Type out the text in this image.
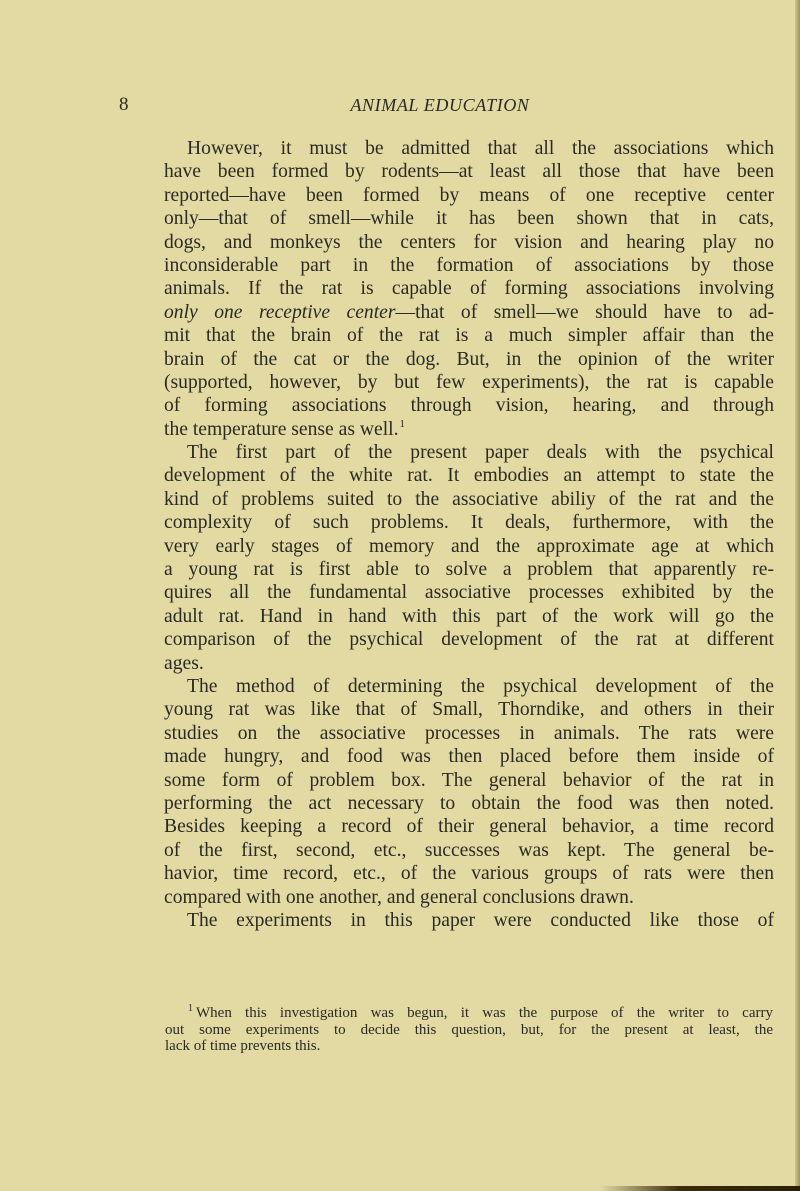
8	ANIMAL EDUCATION
However, it must be admitted that all the associations which
have been formed by rodents—at least all those that have been
reported—have been formed by means of one receptive center
only—that of smell—while it has been shown that in cats,
dogs, and monkeys the centers for vision and hearing play no
inconsiderable part in the formation of associations by those
animals. If the rat is capable of forming associations involving
only one receptive center—that of smell—we should have to ad-
mit that the brain of the rat is a much simpler affair than the
brain of the cat or the dog. But, in the opinion of the writer
(supported, however, by but few experiments), the rat is capable
of forming associations through vision, hearing, and through
the temperature sense as well.$^1$
The first part of the present paper deals with the psychical
development of the white rat. It embodies an attempt to state the
kind of problems suited to the associative abiliy of the rat and the
complexity of such problems. It deals, furthermore, with the
very early stages of memory and the approximate age at which
a young rat is first able to solve a problem that apparently re-
quires all the fundamental associative processes exhibited by the
adult rat. Hand in hand with this part of the work will go the
comparison of the psychical development of the rat at different
ages.
The method of determining the psychical development of the
young rat was like that of Small, Thorndike, and others in their
studies on the associative processes in animals. The rats were
made hungry, and food was then placed before them inside of
some form of problem box. The general behavior of the rat in
performing the act necessary to obtain the food was then noted.
Besides keeping a record of their general behavior, a time record
of the first, second, etc., successes was kept. The general be-
havior, time record, etc., of the various groups of rats were then
compared with one another, and general conclusions drawn.
The experiments in this paper were conducted like those of
$^1$ When this investigation was begun, it was the purpose of the writer to carry
out some experiments to decide this question, but, for the present at least, the
lack of time prevents this.
